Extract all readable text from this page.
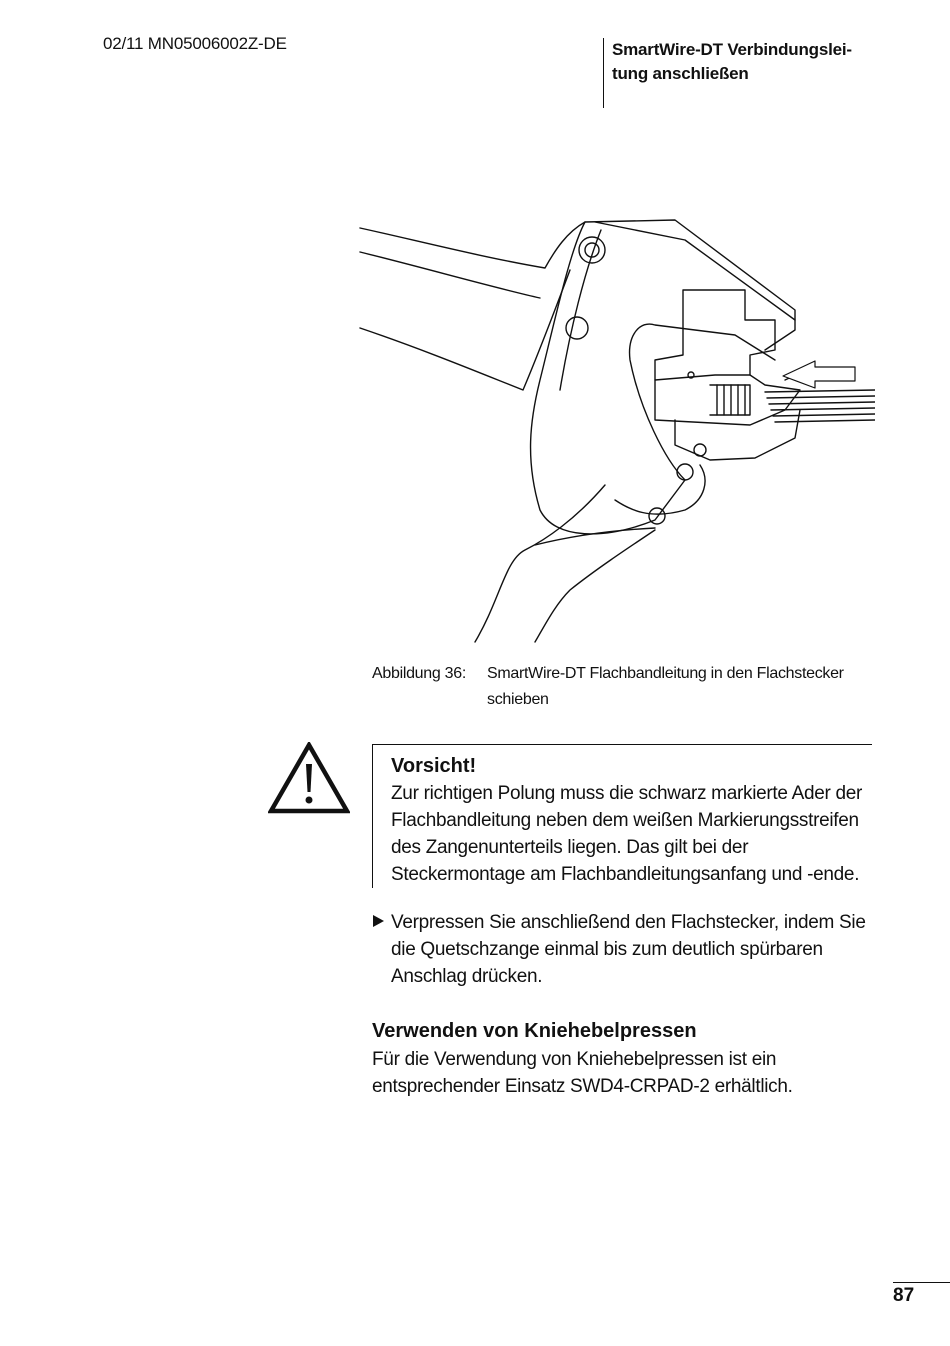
02/11 MN05006002Z-DE	SmartWire-DT Verbindungslei-
tung anschließen
Abbildung 36: SmartWire-DT Flachbandleitung in den Flachstecker schieben
Vorsicht!
Zur richtigen Polung muss die schwarz markierte Ader der Flachbandleitung neben dem weißen Markierungsstreifen des Zangenunterteils liegen. Das gilt bei der Steckermontage am Flachbandleitungsanfang und -ende.
Verpressen Sie anschließend den Flachstecker, indem Sie die Quetschzange einmal bis zum deutlich spürbaren Anschlag drücken.
Verwenden von Kniehebelpressen
Für die Verwendung von Kniehebelpressen ist ein entsprechender Einsatz SWD4-CRPAD-2 erhältlich.
87
